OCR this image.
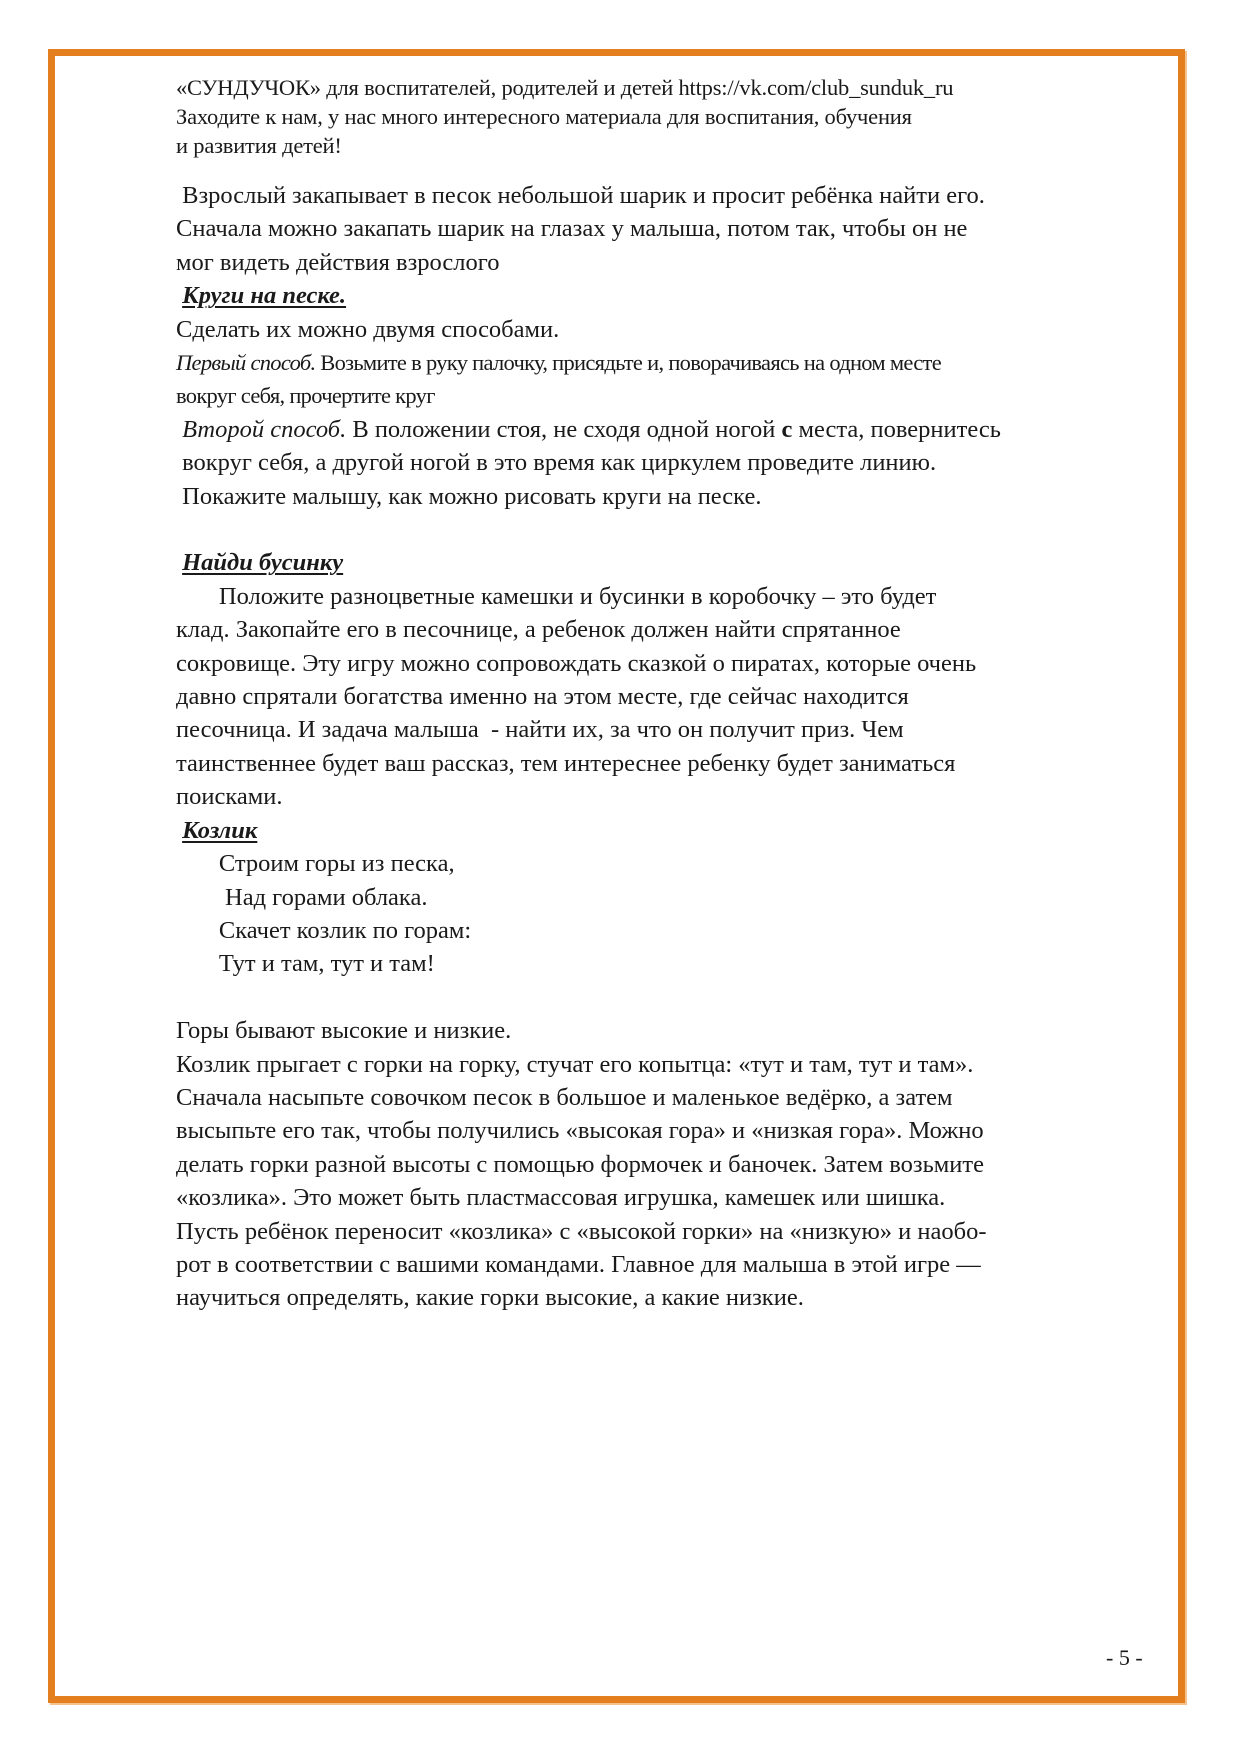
«СУНДУЧОК» для воспитателей, родителей и детей https://vk.com/club_sunduk_ru
Заходите к нам, у нас много интересного материала для воспитания, обучения
и развития детей!
Взрослый закапывает в песок небольшой шарик и просит ребёнка найти его.
Сначала можно закапать шарик на глазах у малыша, потом так, чтобы он не
мог видеть действия взрослого
Круги на песке.
Сделать их можно двумя способами.
Первый способ. Возьмите в руку палочку, присядьте и, поворачиваясь на одном месте
вокруг себя, прочертите круг
Второй способ. В положении стоя, не сходя одной ногой с места, повернитесь
вокруг себя, а другой ногой в это время как циркулем проведите линию.
Покажите малышу, как можно рисовать круги на песке.
Найди бусинку
Положите разноцветные камешки и бусинки в коробочку – это будет
клад. Закопайте его в песочнице, а ребенок должен найти спрятанное
сокровище. Эту игру можно сопровождать сказкой о пиратах, которые очень
давно спрятали богатства именно на этом месте, где сейчас находится
песочница. И задача малыша  - найти их, за что он получит приз. Чем
таинственнее будет ваш рассказ, тем интереснее ребенку будет заниматься
поисками.
Козлик
Строим горы из песка,
Над горами облака.
Скачет козлик по горам:
Тут и там, тут и там!
Горы бывают высокие и низкие.
Козлик прыгает с горки на горку, стучат его копытца: «тут и там, тут и там».
Сначала насыпьте совочком песок в большое и маленькое ведёрко, а затем
высыпьте его так, чтобы получились «высокая гора» и «низкая гора». Можно
делать горки разной высоты с помощью формочек и баночек. Затем возьмите
«козлика». Это может быть пластмассовая игрушка, камешек или шишка.
Пусть ребёнок переносит «козлика» с «высокой горки» на «низкую» и наобо-
рот в соответствии с вашими командами. Главное для малыша в этой игре —
научиться определять, какие горки высокие, а какие низкие.
- 5 -
